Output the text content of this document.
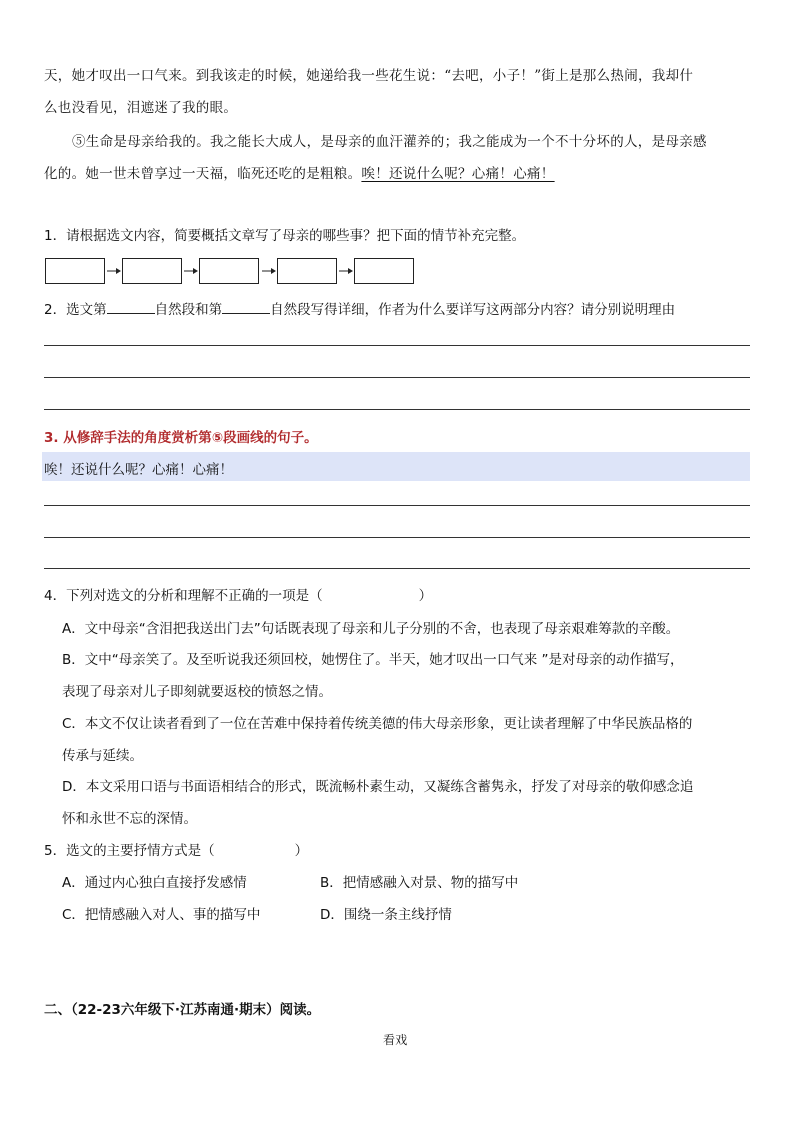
天，她才叹出一口气来。到我该走的时候，她递给我一些花生说：“去吧，小子！”街上是那么热闹，我却什
么也没看见，泪遮迷了我的眼。
⑤生命是母亲给我的。我之能长大成人，是母亲的血汗灌养的；我之能成为一个不十分坏的人，是母亲感
化的。她一世未曾享过一天福，临死还吃的是粗粮。唉！还说什么呢？心痛！心痛！
1．请根据选文内容，简要概括文章写了母亲的哪些事？把下面的情节补充完整。
2．选文第	自然段和第	自然段写得详细，作者为什么要详写这两部分内容？请分别说明理由
3. 从修辞手法的角度赏析第⑤段画线的句子。
唉！还说什么呢？心痛！心痛！
4．下列对选文的分析和理解不正确的一项是（	）
A．文中母亲“含泪把我送出门去”句话既表现了母亲和儿子分别的不舍，也表现了母亲艰难筹款的辛酸。
B．文中“母亲笑了。及至听说我还须回校，她愣住了。半天，她才叹出一口气来 ”是对母亲的动作描写，
表现了母亲对儿子即刻就要返校的愤怒之情。
C．本文不仅让读者看到了一位在苦难中保持着传统美德的伟大母亲形象，更让读者理解了中华民族品格的
传承与延续。
D．本文采用口语与书面语相结合的形式，既流畅朴素生动，又凝练含蓄隽永，抒发了对母亲的敬仰感念追
怀和永世不忘的深情。
5．选文的主要抒情方式是（	）
A．通过内心独白直接抒发感情	B．把情感融入对景、物的描写中
C．把情感融入对人、事的描写中	D．围绕一条主线抒情
二、（22-23六年级下·江苏南通·期末）阅读。
看戏
